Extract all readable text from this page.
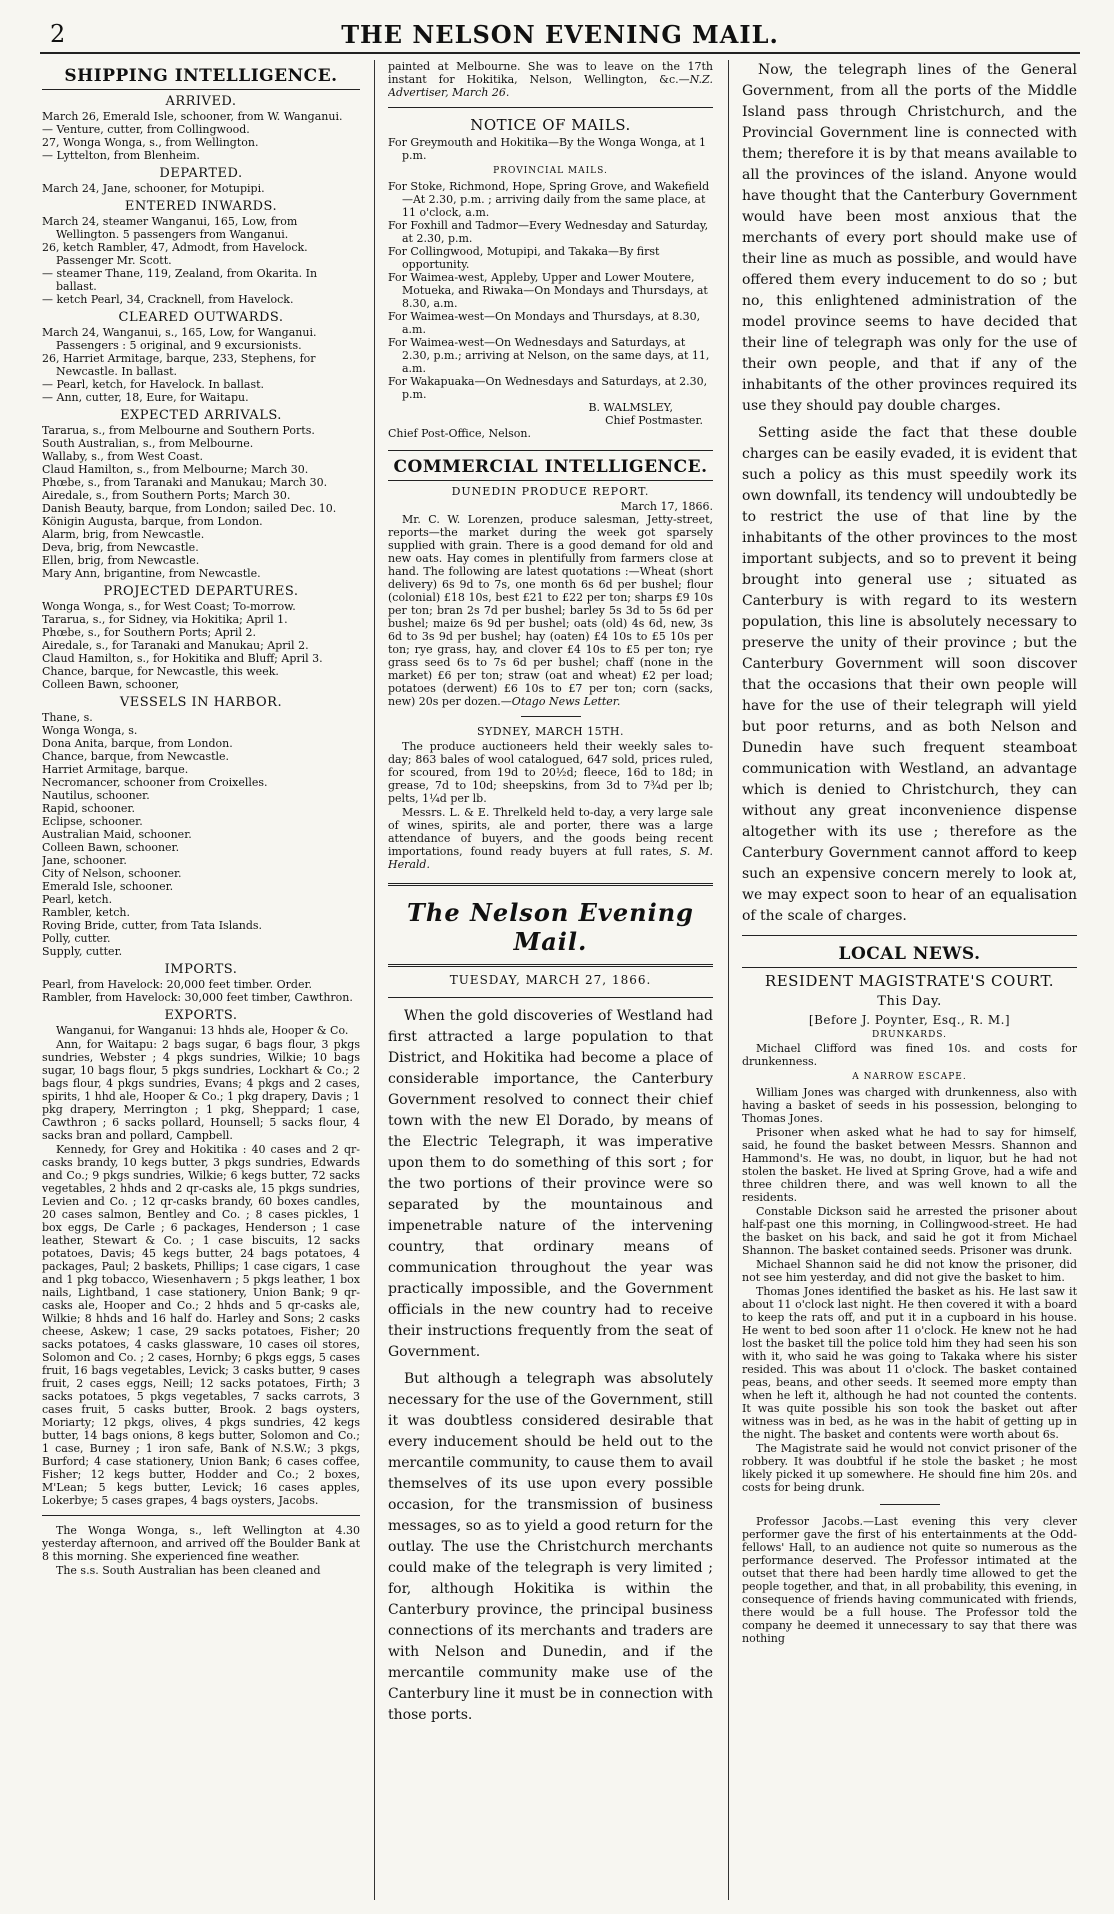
2	THE NELSON EVENING MAIL.
SHIPPING INTELLIGENCE.
ARRIVED.

March 26, Emerald Isle, schooner, from W. Wanganui.

— Venture, cutter, from Collingwood.

27, Wonga Wonga, s., from Wellington.

— Lyttelton, from Blenheim.

DEPARTED.

March 24, Jane, schooner, for Motupipi.

ENTERED INWARDS.

March 24, steamer Wanganui, 165, Low, from Wellington. 5 passengers from Wanganui.

26, ketch Rambler, 47, Admodt, from Havelock. Passenger Mr. Scott.

— steamer Thane, 119, Zealand, from Okarita. In ballast.

— ketch Pearl, 34, Cracknell, from Havelock.

CLEARED OUTWARDS.

March 24, Wanganui, s., 165, Low, for Wanganui. Passengers : 5 original, and 9 excursionists.

26, Harriet Armitage, barque, 233, Stephens, for Newcastle. In ballast.

— Pearl, ketch, for Havelock. In ballast.

— Ann, cutter, 18, Eure, for Waitapu.

EXPECTED ARRIVALS.

Tararua, s., from Melbourne and Southern Ports.

South Australian, s., from Melbourne.

Wallaby, s., from West Coast.

Claud Hamilton, s., from Melbourne; March 30.

Phœbe, s., from Taranaki and Manukau; March 30.

Airedale, s., from Southern Ports; March 30.

Danish Beauty, barque, from London; sailed Dec. 10.

Königin Augusta, barque, from London.

Alarm, brig, from Newcastle.

Deva, brig, from Newcastle.

Ellen, brig, from Newcastle.

Mary Ann, brigantine, from Newcastle.

PROJECTED DEPARTURES.

Wonga Wonga, s., for West Coast; To-morrow.

Tararua, s., for Sidney, via Hokitika; April 1.

Phœbe, s., for Southern Ports; April 2.

Airedale, s., for Taranaki and Manukau; April 2.

Claud Hamilton, s., for Hokitika and Bluff; April 3.

Chance, barque, for Newcastle, this week.

Colleen Bawn, schooner,

VESSELS IN HARBOR.

Thane, s.

Wonga Wonga, s.

Dona Anita, barque, from London.

Chance, barque, from Newcastle.

Harriet Armitage, barque.

Necromancer, schooner from Croixelles.

Nautilus, schooner.

Rapid, schooner.

Eclipse, schooner.

Australian Maid, schooner.

Colleen Bawn, schooner.

Jane, schooner.

City of Nelson, schooner.

Emerald Isle, schooner.

Pearl, ketch.

Rambler, ketch.

Roving Bride, cutter, from Tata Islands.

Polly, cutter.

Supply, cutter.

IMPORTS.

Pearl, from Havelock: 20,000 feet timber. Order.

Rambler, from Havelock: 30,000 feet timber, Cawthron.

EXPORTS.

Wanganui, for Wanganui: 13 hhds ale, Hooper & Co.

Ann, for Waitapu: 2 bags sugar, 6 bags flour, 3 pkgs sundries, Webster ; 4 pkgs sundries, Wilkie; 10 bags sugar, 10 bags flour, 5 pkgs sundries, Lockhart & Co.; 2 bags flour, 4 pkgs sundries, Evans; 4 pkgs and 2 cases, spirits, 1 hhd ale, Hooper & Co.; 1 pkg drapery, Davis ; 1 pkg drapery, Merrington ; 1 pkg, Sheppard; 1 case, Cawthron ; 6 sacks pollard, Hounsell; 5 sacks flour, 4 sacks bran and pollard, Campbell.

Kennedy, for Grey and Hokitika : 40 cases and 2 qr-casks brandy, 10 kegs butter, 3 pkgs sundries, Edwards and Co.; 9 pkgs sundries, Wilkie; 6 kegs butter, 72 sacks vegetables, 2 hhds and 2 qr-casks ale, 15 pkgs sundries, Levien and Co. ; 12 qr-casks brandy, 60 boxes candles, 20 cases salmon, Bentley and Co. ; 8 cases pickles, 1 box eggs, De Carle ; 6 packages, Henderson ; 1 case leather, Stewart & Co. ; 1 case biscuits, 12 sacks potatoes, Davis; 45 kegs butter, 24 bags potatoes, 4 packages, Paul; 2 baskets, Phillips; 1 case cigars, 1 case and 1 pkg tobacco, Wiesenhavern ; 5 pkgs leather, 1 box nails, Lightband, 1 case stationery, Union Bank; 9 qr-casks ale, Hooper and Co.; 2 hhds and 5 qr-casks ale, Wilkie; 8 hhds and 16 half do. Harley and Sons; 2 casks cheese, Askew; 1 case, 29 sacks potatoes, Fisher; 20 sacks potatoes, 4 casks glassware, 10 cases oil stores, Solomon and Co. ; 2 cases, Hornby; 6 pkgs eggs, 5 cases fruit, 16 bags vegetables, Levick; 3 casks butter, 9 cases fruit, 2 cases eggs, Neill; 12 sacks potatoes, Firth; 3 sacks potatoes, 5 pkgs vegetables, 7 sacks carrots, 3 cases fruit, 5 casks butter, Brook. 2 bags oysters, Moriarty; 12 pkgs, olives, 4 pkgs sundries, 42 kegs butter, 14 bags onions, 8 kegs butter, Solomon and Co.; 1 case, Burney ; 1 iron safe, Bank of N.S.W.; 3 pkgs, Burford; 4 case stationery, Union Bank; 6 cases coffee, Fisher; 12 kegs butter, Hodder and Co.; 2 boxes, M'Lean; 5 kegs butter, Levick; 16 cases apples, Lokerbye; 5 cases grapes, 4 bags oysters, Jacobs.

The Wonga Wonga, s., left Wellington at 4.30 yesterday afternoon, and arrived off the Boulder Bank at 8 this morning. She experienced fine weather.

The s.s. South Australian has been cleaned and

painted at Melbourne. She was to leave on the 17th instant for Hokitika, Nelson, Wellington, &c.—N.Z. Advertiser, March 26.

NOTICE OF MAILS.

For Greymouth and Hokitika—By the Wonga Wonga, at 1 p.m.

PROVINCIAL MAILS.

For Stoke, Richmond, Hope, Spring Grove, and Wakefield—At 2.30, p.m. ; arriving daily from the same place, at 11 o'clock, a.m.

For Foxhill and Tadmor—Every Wednesday and Saturday, at 2.30, p.m.

For Collingwood, Motupipi, and Takaka—By first opportunity.

For Waimea-west, Appleby, Upper and Lower Moutere, Motueka, and Riwaka—On Mondays and Thursdays, at 8.30, a.m.

For Waimea-west—On Mondays and Thursdays, at 8.30, a.m.

For Waimea-west—On Wednesdays and Saturdays, at 2.30, p.m.; arriving at Nelson, on the same days, at 11, a.m.

For Wakapuaka—On Wednesdays and Saturdays, at 2.30, p.m.

B. WALMSLEY,

Chief Postmaster.

Chief Post-Office, Nelson.

COMMERCIAL INTELLIGENCE.
DUNEDIN PRODUCE REPORT.

March 17, 1866.

Mr. C. W. Lorenzen, produce salesman, Jetty-street, reports—the market during the week got sparsely supplied with grain. There is a good demand for old and new oats. Hay comes in plentifully from farmers close at hand. The following are latest quotations :—Wheat (short delivery) 6s 9d to 7s, one month 6s 6d per bushel; flour (colonial) £18 10s, best £21 to £22 per ton; sharps £9 10s per ton; bran 2s 7d per bushel; barley 5s 3d to 5s 6d per bushel; maize 6s 9d per bushel; oats (old) 4s 6d, new, 3s 6d to 3s 9d per bushel; hay (oaten) £4 10s to £5 10s per ton; rye grass, hay, and clover £4 10s to £5 per ton; rye grass seed 6s to 7s 6d per bushel; chaff (none in the market) £6 per ton; straw (oat and wheat) £2 per load; potatoes (derwent) £6 10s to £7 per ton; corn (sacks, new) 20s per dozen.—Otago News Letter.

SYDNEY, MARCH 15TH.

The produce auctioneers held their weekly sales to-day; 863 bales of wool catalogued, 647 sold, prices ruled, for scoured, from 19d to 20½d; fleece, 16d to 18d; in grease, 7d to 10d; sheepskins, from 3d to 7¾d per lb; pelts, 1¼d per lb.

Messrs. L. & E. Threlkeld held to-day, a very large sale of wines, spirits, ale and porter, there was a large attendance of buyers, and the goods being recent importations, found ready buyers at full rates, S. M. Herald.

The Nelson Evening Mail.
TUESDAY, MARCH 27, 1866.

When the gold discoveries of Westland had first attracted a large population to that District, and Hokitika had become a place of considerable importance, the Canterbury Government resolved to connect their chief town with the new El Dorado, by means of the Electric Telegraph, it was imperative upon them to do something of this sort ; for the two portions of their province were so separated by the mountainous and impenetrable nature of the intervening country, that ordinary means of communication throughout the year was practically impossible, and the Government officials in the new country had to receive their instructions frequently from the seat of Government.

But although a telegraph was absolutely necessary for the use of the Government, still it was doubtless considered desirable that every inducement should be held out to the mercantile community, to cause them to avail themselves of its use upon every possible occasion, for the transmission of business messages, so as to yield a good return for the outlay. The use the Christchurch merchants could make of the telegraph is very limited ; for, although Hokitika is within the Canterbury province, the principal business connections of its merchants and traders are with Nelson and Dunedin, and if the mercantile community make use of the Canterbury line it must be in connection with those ports.

Now, the telegraph lines of the General Government, from all the ports of the Middle Island pass through Christchurch, and the Provincial Government line is connected with them; therefore it is by that means available to all the provinces of the island. Anyone would have thought that the Canterbury Government would have been most anxious that the merchants of every port should make use of their line as much as possible, and would have offered them every inducement to do so ; but no, this enlightened administration of the model province seems to have decided that their line of telegraph was only for the use of their own people, and that if any of the inhabitants of the other provinces required its use they should pay double charges.

Setting aside the fact that these double charges can be easily evaded, it is evident that such a policy as this must speedily work its own downfall, its tendency will undoubtedly be to restrict the use of that line by the inhabitants of the other provinces to the most important subjects, and so to prevent it being brought into general use ; situated as Canterbury is with regard to its western population, this line is absolutely necessary to preserve the unity of their province ; but the Canterbury Government will soon discover that the occasions that their own people will have for the use of their telegraph will yield but poor returns, and as both Nelson and Dunedin have such frequent steamboat communication with Westland, an advantage which is denied to Christchurch, they can without any great inconvenience dispense altogether with its use ; therefore as the Canterbury Government cannot afford to keep such an expensive concern merely to look at, we may expect soon to hear of an equalisation of the scale of charges.

LOCAL NEWS.
RESIDENT MAGISTRATE'S COURT.
This Day.
[Before J. Poynter, Esq., R. M.]
DRUNKARDS.

Michael Clifford was fined 10s. and costs for drunkenness.

A NARROW ESCAPE.

William Jones was charged with drunkenness, also with having a basket of seeds in his possession, belonging to Thomas Jones.

Prisoner when asked what he had to say for himself, said, he found the basket between Messrs. Shannon and Hammond's. He was, no doubt, in liquor, but he had not stolen the basket. He lived at Spring Grove, had a wife and three children there, and was well known to all the residents.

Constable Dickson said he arrested the prisoner about half-past one this morning, in Collingwood-street. He had the basket on his back, and said he got it from Michael Shannon. The basket contained seeds. Prisoner was drunk.

Michael Shannon said he did not know the prisoner, did not see him yesterday, and did not give the basket to him.

Thomas Jones identified the basket as his. He last saw it about 11 o'clock last night. He then covered it with a board to keep the rats off, and put it in a cupboard in his house. He went to bed soon after 11 o'clock. He knew not he had lost the basket till the police told him they had seen his son with it, who said he was going to Takaka where his sister resided. This was about 11 o'clock. The basket contained peas, beans, and other seeds. It seemed more empty than when he left it, although he had not counted the contents. It was quite possible his son took the basket out after witness was in bed, as he was in the habit of getting up in the night. The basket and contents were worth about 6s.

The Magistrate said he would not convict prisoner of the robbery. It was doubtful if he stole the basket ; he most likely picked it up somewhere. He should fine him 20s. and costs for being drunk.

Professor Jacobs.—Last evening this very clever performer gave the first of his entertainments at the Odd-fellows' Hall, to an audience not quite so numerous as the performance deserved. The Professor intimated at the outset that there had been hardly time allowed to get the people together, and that, in all probability, this evening, in consequence of friends having communicated with friends, there would be a full house. The Professor told the company he deemed it unnecessary to say that there was nothing
